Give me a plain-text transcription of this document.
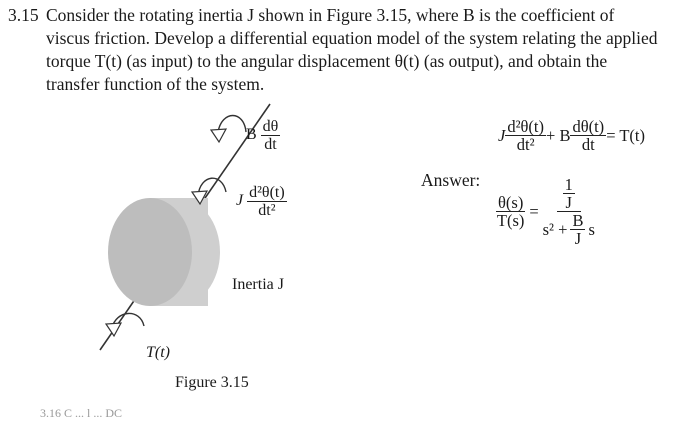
3.15 Consider the rotating inertia J shown in Figure 3.15, where B is the coefficient of
viscus friction. Develop a differential equation model of the system relating the applied
torque T(t) (as input) to the angular displacement θ(t) (as output), and obtain the
transfer function of the system.
B $\frac{d\theta}{dt}$
J $\frac{\text{d²θ(t)}}{\text{dt²}}$
Inertia J
T(t)
Figure 3.15
Answer:
J $\frac{\text{d²θ(t)}}{\text{dt²}} + B \frac{d\theta(t)}{dt} = T(t)$
$\frac{\theta(s)}{T(s)} = \frac{\frac{1}{J}}{s^2 + \frac{B}{J} s}$
3.16 C ... l ... DC
